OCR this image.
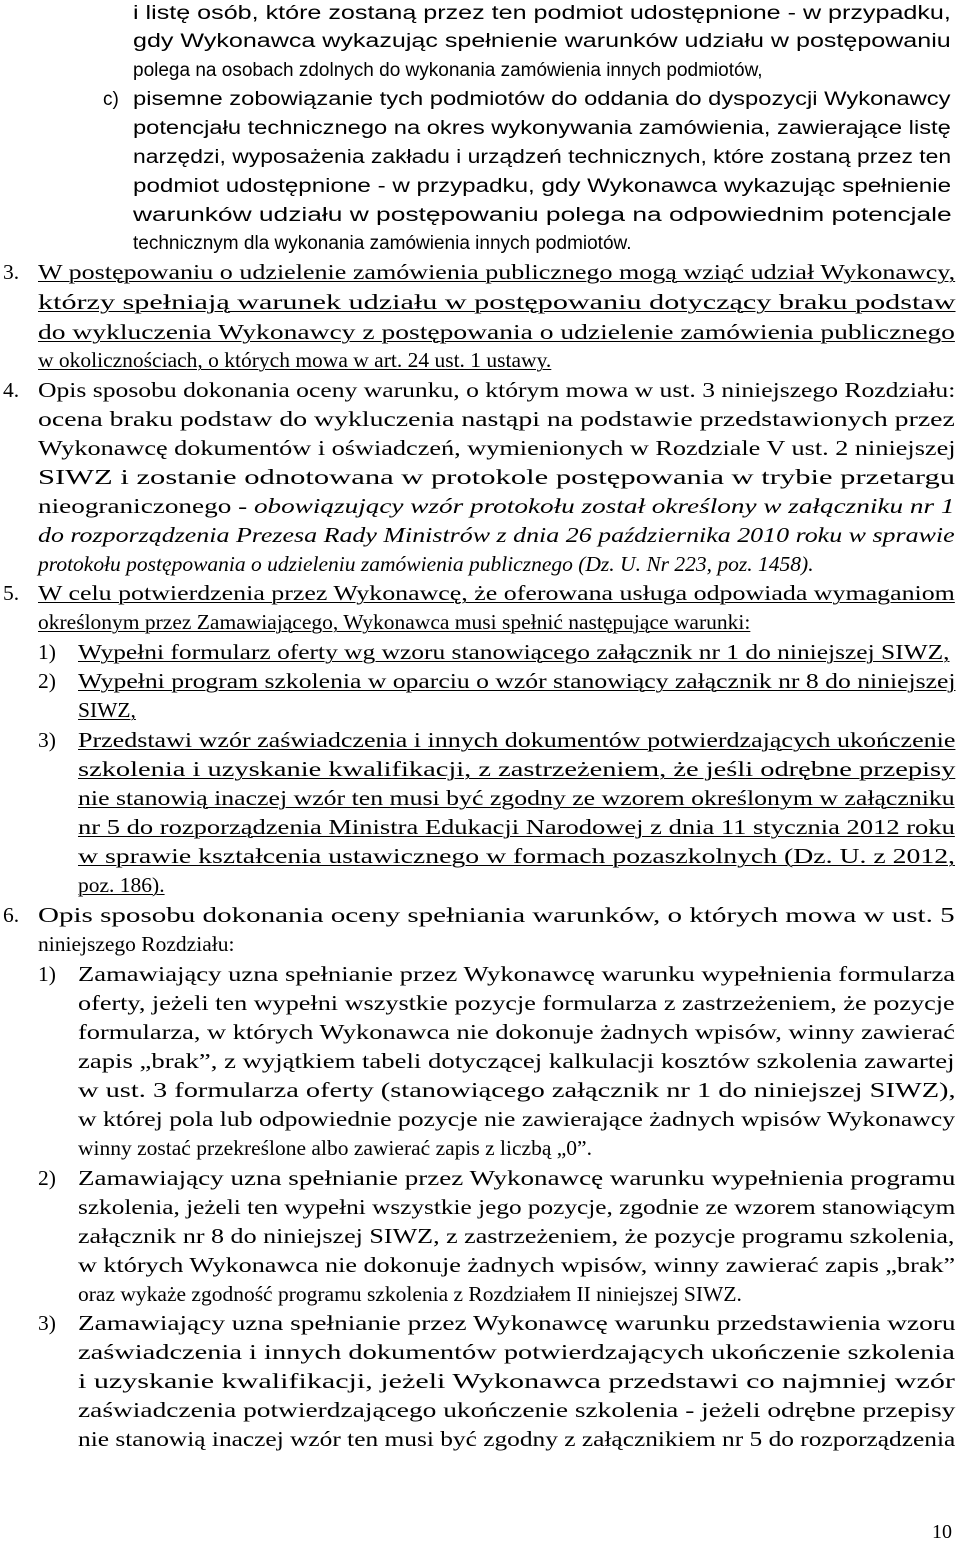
i listę osób, które zostaną przez ten podmiot udostępnione - w przypadku,
gdy Wykonawca wykazując spełnienie warunków udziału w postępowaniu
polega na osobach zdolnych do wykonania zamówienia innych podmiotów,
c) pisemne zobowiązanie tych podmiotów do oddania do dyspozycji Wykonawcy
potencjału technicznego na okres wykonywania zamówienia, zawierające listę
narzędzi, wyposażenia zakładu i urządzeń technicznych, które zostaną przez ten
podmiot udostępnione - w przypadku, gdy Wykonawca wykazując spełnienie
warunków udziału w postępowaniu polega na odpowiednim potencjale
technicznym dla wykonania zamówienia innych podmiotów.
3. W postępowaniu o udzielenie zamówienia publicznego mogą wziąć udział Wykonawcy,
którzy spełniają warunek udziału w postępowaniu dotyczący braku podstaw
do wykluczenia Wykonawcy z postępowania o udzielenie zamówienia publicznego
w okolicznościach, o których mowa w art. 24 ust. 1 ustawy.
4. Opis sposobu dokonania oceny warunku, o którym mowa w ust. 3 niniejszego Rozdziału:
ocena braku podstaw do wykluczenia nastąpi na podstawie przedstawionych przez
Wykonawcę dokumentów i oświadczeń, wymienionych w Rozdziale V ust. 2 niniejszej
SIWZ i zostanie odnotowana w protokole postępowania w trybie przetargu
nieograniczonego - obowiązujący wzór protokołu został określony w załączniku nr 1
do rozporządzenia Prezesa Rady Ministrów z dnia 26 października 2010 roku w sprawie
protokołu postępowania o udzieleniu zamówienia publicznego (Dz. U. Nr 223, poz. 1458).
5. W celu potwierdzenia przez Wykonawcę, że oferowana usługa odpowiada wymaganiom
określonym przez Zamawiającego, Wykonawca musi spełnić następujące warunki:
1) Wypełni formularz oferty wg wzoru stanowiącego załącznik nr 1 do niniejszej SIWZ,
2) Wypełni program szkolenia w oparciu o wzór stanowiący załącznik nr 8 do niniejszej
SIWZ,
3) Przedstawi wzór zaświadczenia i innych dokumentów potwierdzających ukończenie
szkolenia i uzyskanie kwalifikacji, z zastrzeżeniem, że jeśli odrębne przepisy
nie stanowią inaczej wzór ten musi być zgodny ze wzorem określonym w załączniku
nr 5 do rozporządzenia Ministra Edukacji Narodowej z dnia 11 stycznia 2012 roku
w sprawie kształcenia ustawicznego w formach pozaszkolnych (Dz. U. z 2012,
poz. 186).
6. Opis sposobu dokonania oceny spełniania warunków, o których mowa w ust. 5
niniejszego Rozdziału:
1) Zamawiający uzna spełnianie przez Wykonawcę warunku wypełnienia formularza
oferty, jeżeli ten wypełni wszystkie pozycje formularza z zastrzeżeniem, że pozycje
formularza, w których Wykonawca nie dokonuje żadnych wpisów, winny zawierać
zapis „brak”, z wyjątkiem tabeli dotyczącej kalkulacji kosztów szkolenia zawartej
w ust. 3 formularza oferty (stanowiącego załącznik nr 1 do niniejszej SIWZ),
w której pola lub odpowiednie pozycje nie zawierające żadnych wpisów Wykonawcy
winny zostać przekreślone albo zawierać zapis z liczbą „0”.
2) Zamawiający uzna spełnianie przez Wykonawcę warunku wypełnienia programu
szkolenia, jeżeli ten wypełni wszystkie jego pozycje, zgodnie ze wzorem stanowiącym
załącznik nr 8 do niniejszej SIWZ, z zastrzeżeniem, że pozycje programu szkolenia,
w których Wykonawca nie dokonuje żadnych wpisów, winny zawierać zapis „brak”
oraz wykaże zgodność programu szkolenia z Rozdziałem II niniejszej SIWZ.
3) Zamawiający uzna spełnianie przez Wykonawcę warunku przedstawienia wzoru
zaświadczenia i innych dokumentów potwierdzających ukończenie szkolenia
i uzyskanie kwalifikacji, jeżeli Wykonawca przedstawi co najmniej wzór
zaświadczenia potwierdzającego ukończenie szkolenia - jeżeli odrębne przepisy
nie stanowią inaczej wzór ten musi być zgodny z załącznikiem nr 5 do rozporządzenia
10
